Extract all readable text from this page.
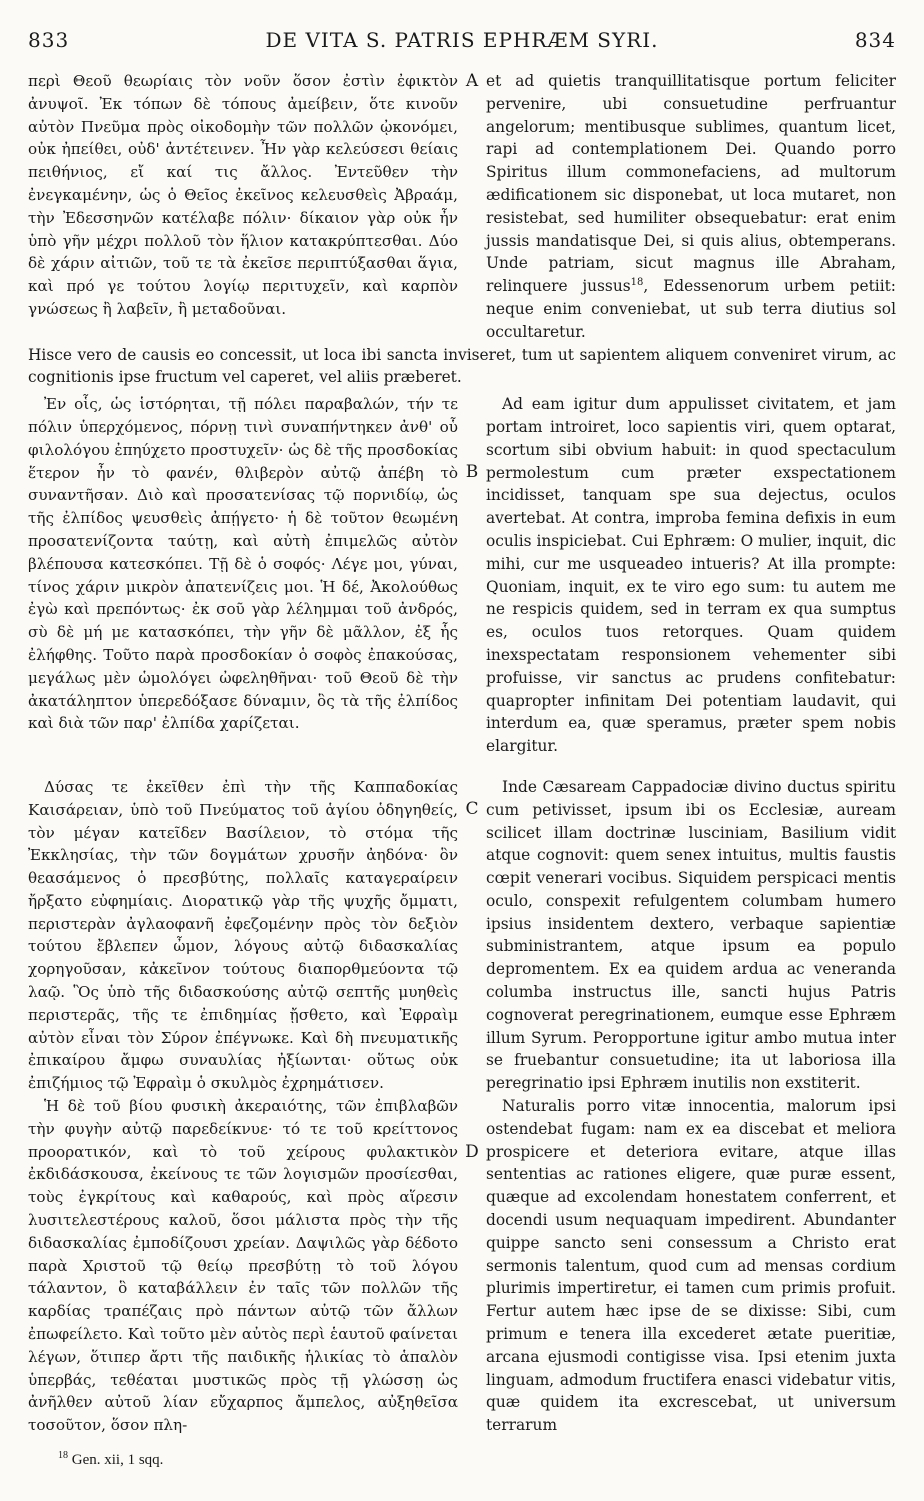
833	DE VITA S. PATRIS EPHRÆM SYRI.	834

περὶ Θεοῦ θεωρίαις τὸν νοῦν ὅσον ἐστὶν ἐφικτὸν ἀνυψοῖ. Ἐκ τόπων δὲ τόπους ἀμείβειν, ὅτε κινοῦν αὐτὸν Πνεῦμα πρὸς οἰκοδομὴν τῶν πολλῶν ᾠκονόμει, οὐκ ἠπείθει, οὐδ' ἀντέτεινεν. Ἦν γὰρ κελεύσεσι θείαις πειθήνιος, εἴ καί τις ἄλλος. Ἐντεῦθεν τὴν ἐνεγκαμένην, ὡς ὁ Θεῖος ἐκεῖνος κελευσθεὶς Ἀβραάμ, τὴν Ἐδεσσηνῶν κατέλαβε πόλιν· δίκαιον γὰρ οὐκ ἦν ὑπὸ γῆν μέχρι πολλοῦ τὸν ἥλιον κατακρύπτεσθαι. Δύο δὲ χάριν αἰτιῶν, τοῦ τε τὰ ἐκεῖσε περιπτύξασθαι ἅγια, καὶ πρό γε τούτου λογίῳ περιτυχεῖν, καὶ καρπὸν γνώσεως ἢ λαβεῖν, ἢ μεταδοῦναι.

A et ad quietis tranquillitatisque portum feliciter pervenire, ubi consuetudine perfruantur angelorum; mentibusque sublimes, quantum licet, rapi ad contemplationem Dei. Quando porro Spiritus illum commonefaciens, ad multorum ædificationem sic disponebat, ut loca mutaret, non resistebat, sed humiliter obsequebatur: erat enim jussis mandatisque Dei, si quis alius, obtemperans. Unde patriam, sicut magnus ille Abraham, relinquere jussus$^{18}$, Edessenorum urbem petiit: neque enim conveniebat, ut sub terra diutius sol occultaretur.

Hisce vero de causis eo concessit, ut loca ibi sancta inviseret, tum ut sapientem aliquem conveniret virum, ac cognitionis ipse fructum vel caperet, vel aliis præberet.

Ἐν οἷς, ὡς ἱστόρηται, τῇ πόλει παραβαλών, τήν τε πόλιν ὑπερχόμενος, πόρνῃ τινὶ συναπήντηκεν ἀνθ' οὗ φιλολόγου ἐπηύχετο προστυχεῖν· ὡς δὲ τῆς προσδοκίας ἕτερον ἦν τὸ φανέν, θλιβερὸν αὐτῷ ἀπέβη τὸ συναντῆσαν. Διὸ καὶ προσατενίσας τῷ πορνιδίῳ, ὡς τῆς ἐλπίδος ψευσθεὶς ἀπῄγετο· ἡ δὲ τοῦτον θεωμένη προσατενίζοντα ταύτῃ, καὶ αὐτὴ ἐπιμελῶς αὐτὸν βλέπουσα κατεσκόπει. Τῇ δὲ ὁ σοφός· Λέγε μοι, γύναι, τίνος χάριν μικρὸν ἀπατενίζεις μοι. Ἡ δέ, Ἀκολούθως ἐγὼ καὶ πρεπόντως· ἐκ σοῦ γὰρ λέλημμαι τοῦ ἀνδρός, σὺ δὲ μή με κατασκόπει, τὴν γῆν δὲ μᾶλλον, ἐξ ἧς ἐλήφθης. Τοῦτο παρὰ προσδοκίαν ὁ σοφὸς ἐπακούσας, μεγάλως μὲν ὡμολόγει ὠφεληθῆναι· τοῦ Θεοῦ δὲ τὴν ἀκατάληπτον ὑπερεδόξασε δύναμιν, ὃς τὰ τῆς ἐλπίδος καὶ διὰ τῶν παρ' ἐλπίδα χαρίζεται.

B

Ad eam igitur dum appulisset civitatem, et jam portam introiret, loco sapientis viri, quem optarat, scortum sibi obvium habuit: in quod spectaculum permolestum cum præter exspectationem incidisset, tanquam spe sua dejectus, oculos avertebat. At contra, improba femina defixis in eum oculis inspiciebat. Cui Ephræm: O mulier, inquit, dic mihi, cur me usqueadeo intueris? At illa prompte: Quoniam, inquit, ex te viro ego sum: tu autem me ne respicis quidem, sed in terram ex qua sumptus es, oculos tuos retorques. Quam quidem inexspectatam responsionem vehementer sibi profuisse, vir sanctus ac prudens confitebatur: quapropter infinitam Dei potentiam laudavit, qui interdum ea, quæ speramus, præter spem nobis elargitur.

Δύσας τε ἐκεῖθεν ἐπὶ τὴν τῆς Καππαδοκίας Καισάρειαν, ὑπὸ τοῦ Πνεύματος τοῦ ἁγίου ὁδηγηθείς, τὸν μέγαν κατεῖδεν Βασίλειον, τὸ στόμα τῆς Ἐκκλησίας, τὴν τῶν δογμάτων χρυσῆν ἀηδόνα· ὃν θεασάμενος ὁ πρεσβύτης, πολλαῖς καταγεραίρειν ἤρξατο εὐφημίαις. Διορατικῷ γὰρ τῆς ψυχῆς ὄμματι, περιστερὰν ἀγλαοφανῆ ἐφεζομένην πρὸς τὸν δεξιὸν τούτου ἔβλεπεν ὦμον, λόγους αὐτῷ διδασκαλίας χορηγοῦσαν, κἀκεῖνον τούτους διαπορθμεύοντα τῷ λαῷ. Ὃς ὑπὸ τῆς διδασκούσης αὐτῷ σεπτῆς μυηθεὶς περιστερᾶς, τῆς τε ἐπιδημίας ᾔσθετο, καὶ Ἐφραὶμ αὐτὸν εἶναι τὸν Σύρον ἐπέγνωκε. Καὶ δὴ πνευματικῆς ἐπικαίρου ἄμφω συναυλίας ἠξίωνται· οὕτως οὐκ ἐπιζήμιος τῷ Ἐφραὶμ ὁ σκυλμὸς ἐχρημάτισεν.

C

Inde Cæsaream Cappadociæ divino ductus spiritu cum petivisset, ipsum ibi os Ecclesiæ, auream scilicet illam doctrinæ lusciniam, Basilium vidit atque cognovit: quem senex intuitus, multis faustis cœpit venerari vocibus. Siquidem perspicaci mentis oculo, conspexit refulgentem columbam humero ipsius insidentem dextero, verbaque sapientiæ subministrantem, atque ipsum ea populo depromentem. Ex ea quidem ardua ac veneranda columba instructus ille, sancti hujus Patris cognoverat peregrinationem, eumque esse Ephræm illum Syrum. Peropportune igitur ambo mutua inter se fruebantur consuetudine; ita ut laboriosa illa peregrinatio ipsi Ephræm inutilis non exstiterit.

Ἡ δὲ τοῦ βίου φυσικὴ ἀκεραιότης, τῶν ἐπιβλαβῶν τὴν φυγὴν αὐτῷ παρεδείκνυε· τό τε τοῦ κρείττονος προορατικόν, καὶ τὸ τοῦ χείρους φυλακτικὸν ἐκδιδάσκουσα, ἐκείνους τε τῶν λογισμῶν προσίεσθαι, τοὺς ἐγκρίτους καὶ καθαρούς, καὶ πρὸς αἵρεσιν λυσιτελεστέρους καλοῦ, ὅσοι μάλιστα πρὸς τὴν τῆς διδασκαλίας ἐμποδίζουσι χρείαν. Δαψιλῶς γὰρ δέδοτο παρὰ Χριστοῦ τῷ θείῳ πρεσβύτῃ τὸ τοῦ λόγου τάλαντον, ὃ καταβάλλειν ἐν ταῖς τῶν πολλῶν τῆς καρδίας τραπέζαις πρὸ πάντων αὐτῷ τῶν ἄλλων ἐπωφείλετο. Καὶ τοῦτο μὲν αὐτὸς περὶ ἑαυτοῦ φαίνεται λέγων, ὅτιπερ ἄρτι τῆς παιδικῆς ἡλικίας τὸ ἁπαλὸν ὑπερβάς, τεθέαται μυστικῶς πρὸς τῇ γλώσσῃ ὡς ἀνῆλθεν αὐτοῦ λίαν εὔχαρπος ἄμπελος, αὐξηθεῖσα τοσοῦτον, ὅσον πλη-

D

Naturalis porro vitæ innocentia, malorum ipsi ostendebat fugam: nam ex ea discebat et meliora prospicere et deteriora evitare, atque illas sententias ac rationes eligere, quæ puræ essent, quæque ad excolendam honestatem conferrent, et docendi usum nequaquam impedirent. Abundanter quippe sancto seni consessum a Christo erat sermonis talentum, quod cum ad mensas cordium plurimis impertiretur, ei tamen cum primis profuit. Fertur autem hæc ipse de se dixisse: Sibi, cum primum e tenera illa excederet ætate pueritiæ, arcana ejusmodi contigisse visa. Ipsi etenim juxta linguam, admodum fructifera enasci videbatur vitis, quæ quidem ita excrescebat, ut universum terrarum

$^{18}$ Gen. xii, 1 sqq.
